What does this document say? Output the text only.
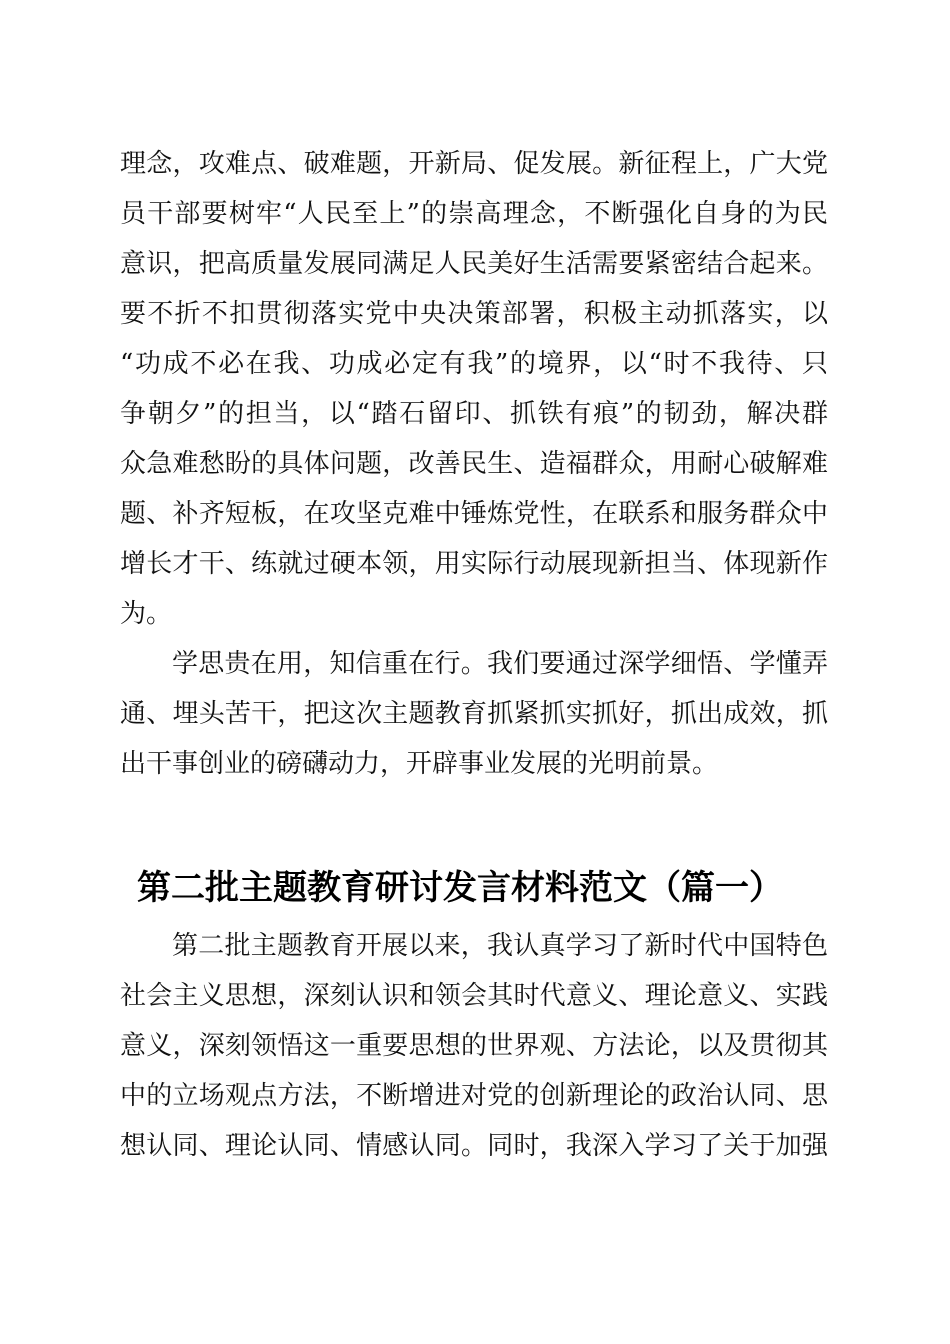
理念，攻难点、破难题，开新局、促发展。新征程上，广大党
员干部要树牢“人民至上”的崇高理念，不断强化自身的为民
意识，把高质量发展同满足人民美好生活需要紧密结合起来。
要不折不扣贯彻落实党中央决策部署，积极主动抓落实，以
“功成不必在我、功成必定有我”的境界，以“时不我待、只
争朝夕”的担当，以“踏石留印、抓铁有痕”的韧劲，解决群
众急难愁盼的具体问题，改善民生、造福群众，用耐心破解难
题、补齐短板，在攻坚克难中锤炼党性，在联系和服务群众中
增长才干、练就过硬本领，用实际行动展现新担当、体现新作
为。
学思贵在用，知信重在行。我们要通过深学细悟、学懂弄
通、埋头苦干，把这次主题教育抓紧抓实抓好，抓出成效，抓
出干事创业的磅礴动力，开辟事业发展的光明前景。
第二批主题教育研讨发言材料范文（篇一）
第二批主题教育开展以来，我认真学习了新时代中国特色
社会主义思想，深刻认识和领会其时代意义、理论意义、实践
意义，深刻领悟这一重要思想的世界观、方法论，以及贯彻其
中的立场观点方法，不断增进对党的创新理论的政治认同、思
想认同、理论认同、情感认同。同时，我深入学习了关于加强
